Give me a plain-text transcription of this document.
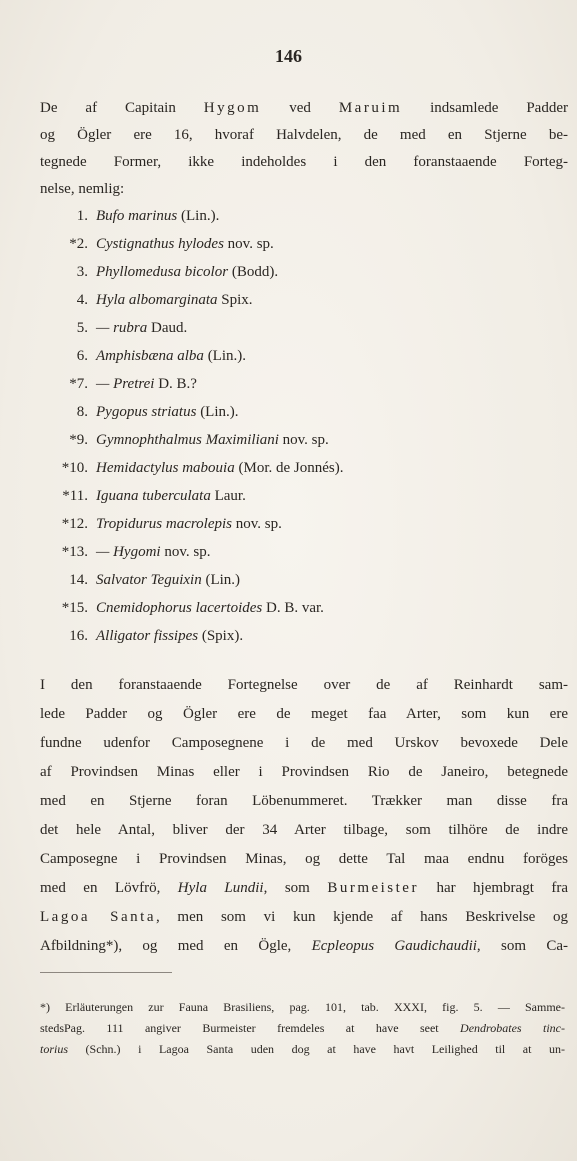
146
De af Capitain Hygom ved Maruim indsamlede Padder
og Ögler ere 16, hvoraf Halvdelen, de med en Stjerne be-
tegnede Former, ikke indeholdes i den foranstaaende Forteg-
nelse, nemlig:
1. Bufo marinus (Lin.).
*2. Cystignathus hylodes nov. sp.
3. Phyllomedusa bicolor (Bodd).
4. Hyla albomarginata Spix.
5. — rubra Daud.
6. Amphisbæna alba (Lin.).
*7. — Pretrei D. B.?
8. Pygopus striatus (Lin.).
*9. Gymnophthalmus Maximiliani nov. sp.
*10. Hemidactylus mabouia (Mor. de Jonnés).
*11. Iguana tuberculata Laur.
*12. Tropidurus macrolepis nov. sp.
*13. — Hygomi nov. sp.
14. Salvator Teguixin (Lin.)
*15. Cnemidophorus lacertoides D. B. var.
16. Alligator fissipes (Spix).
I den foranstaaende Fortegnelse over de af Reinhardt sam-
lede Padder og Ögler ere de meget faa Arter, som kun ere
fundne udenfor Camposegnene i de med Urskov bevoxede Dele
af Provindsen Minas eller i Provindsen Rio de Janeiro, betegnede
med en Stjerne foran Löbenummeret. Trækker man disse fra
det hele Antal, bliver der 34 Arter tilbage, som tilhöre de indre
Camposegne i Provindsen Minas, og dette Tal maa endnu foröges
med en Lövfrö, Hyla Lundii, som Burmeister har hjembragt fra
Lagoa Santa, men som vi kun kjende af hans Beskrivelse og
Afbildning*), og med en Ögle, Ecpleopus Gaudichaudii, som Ca-
*) Erläuterungen zur Fauna Brasiliens, pag. 101, tab. XXXI, fig. 5. — Samme-
stedsPag. 111 angiver Burmeister fremdeles at have seet Dendrobates tinc-
torius (Schn.) i Lagoa Santa uden dog at have havt Leilighed til at un-
